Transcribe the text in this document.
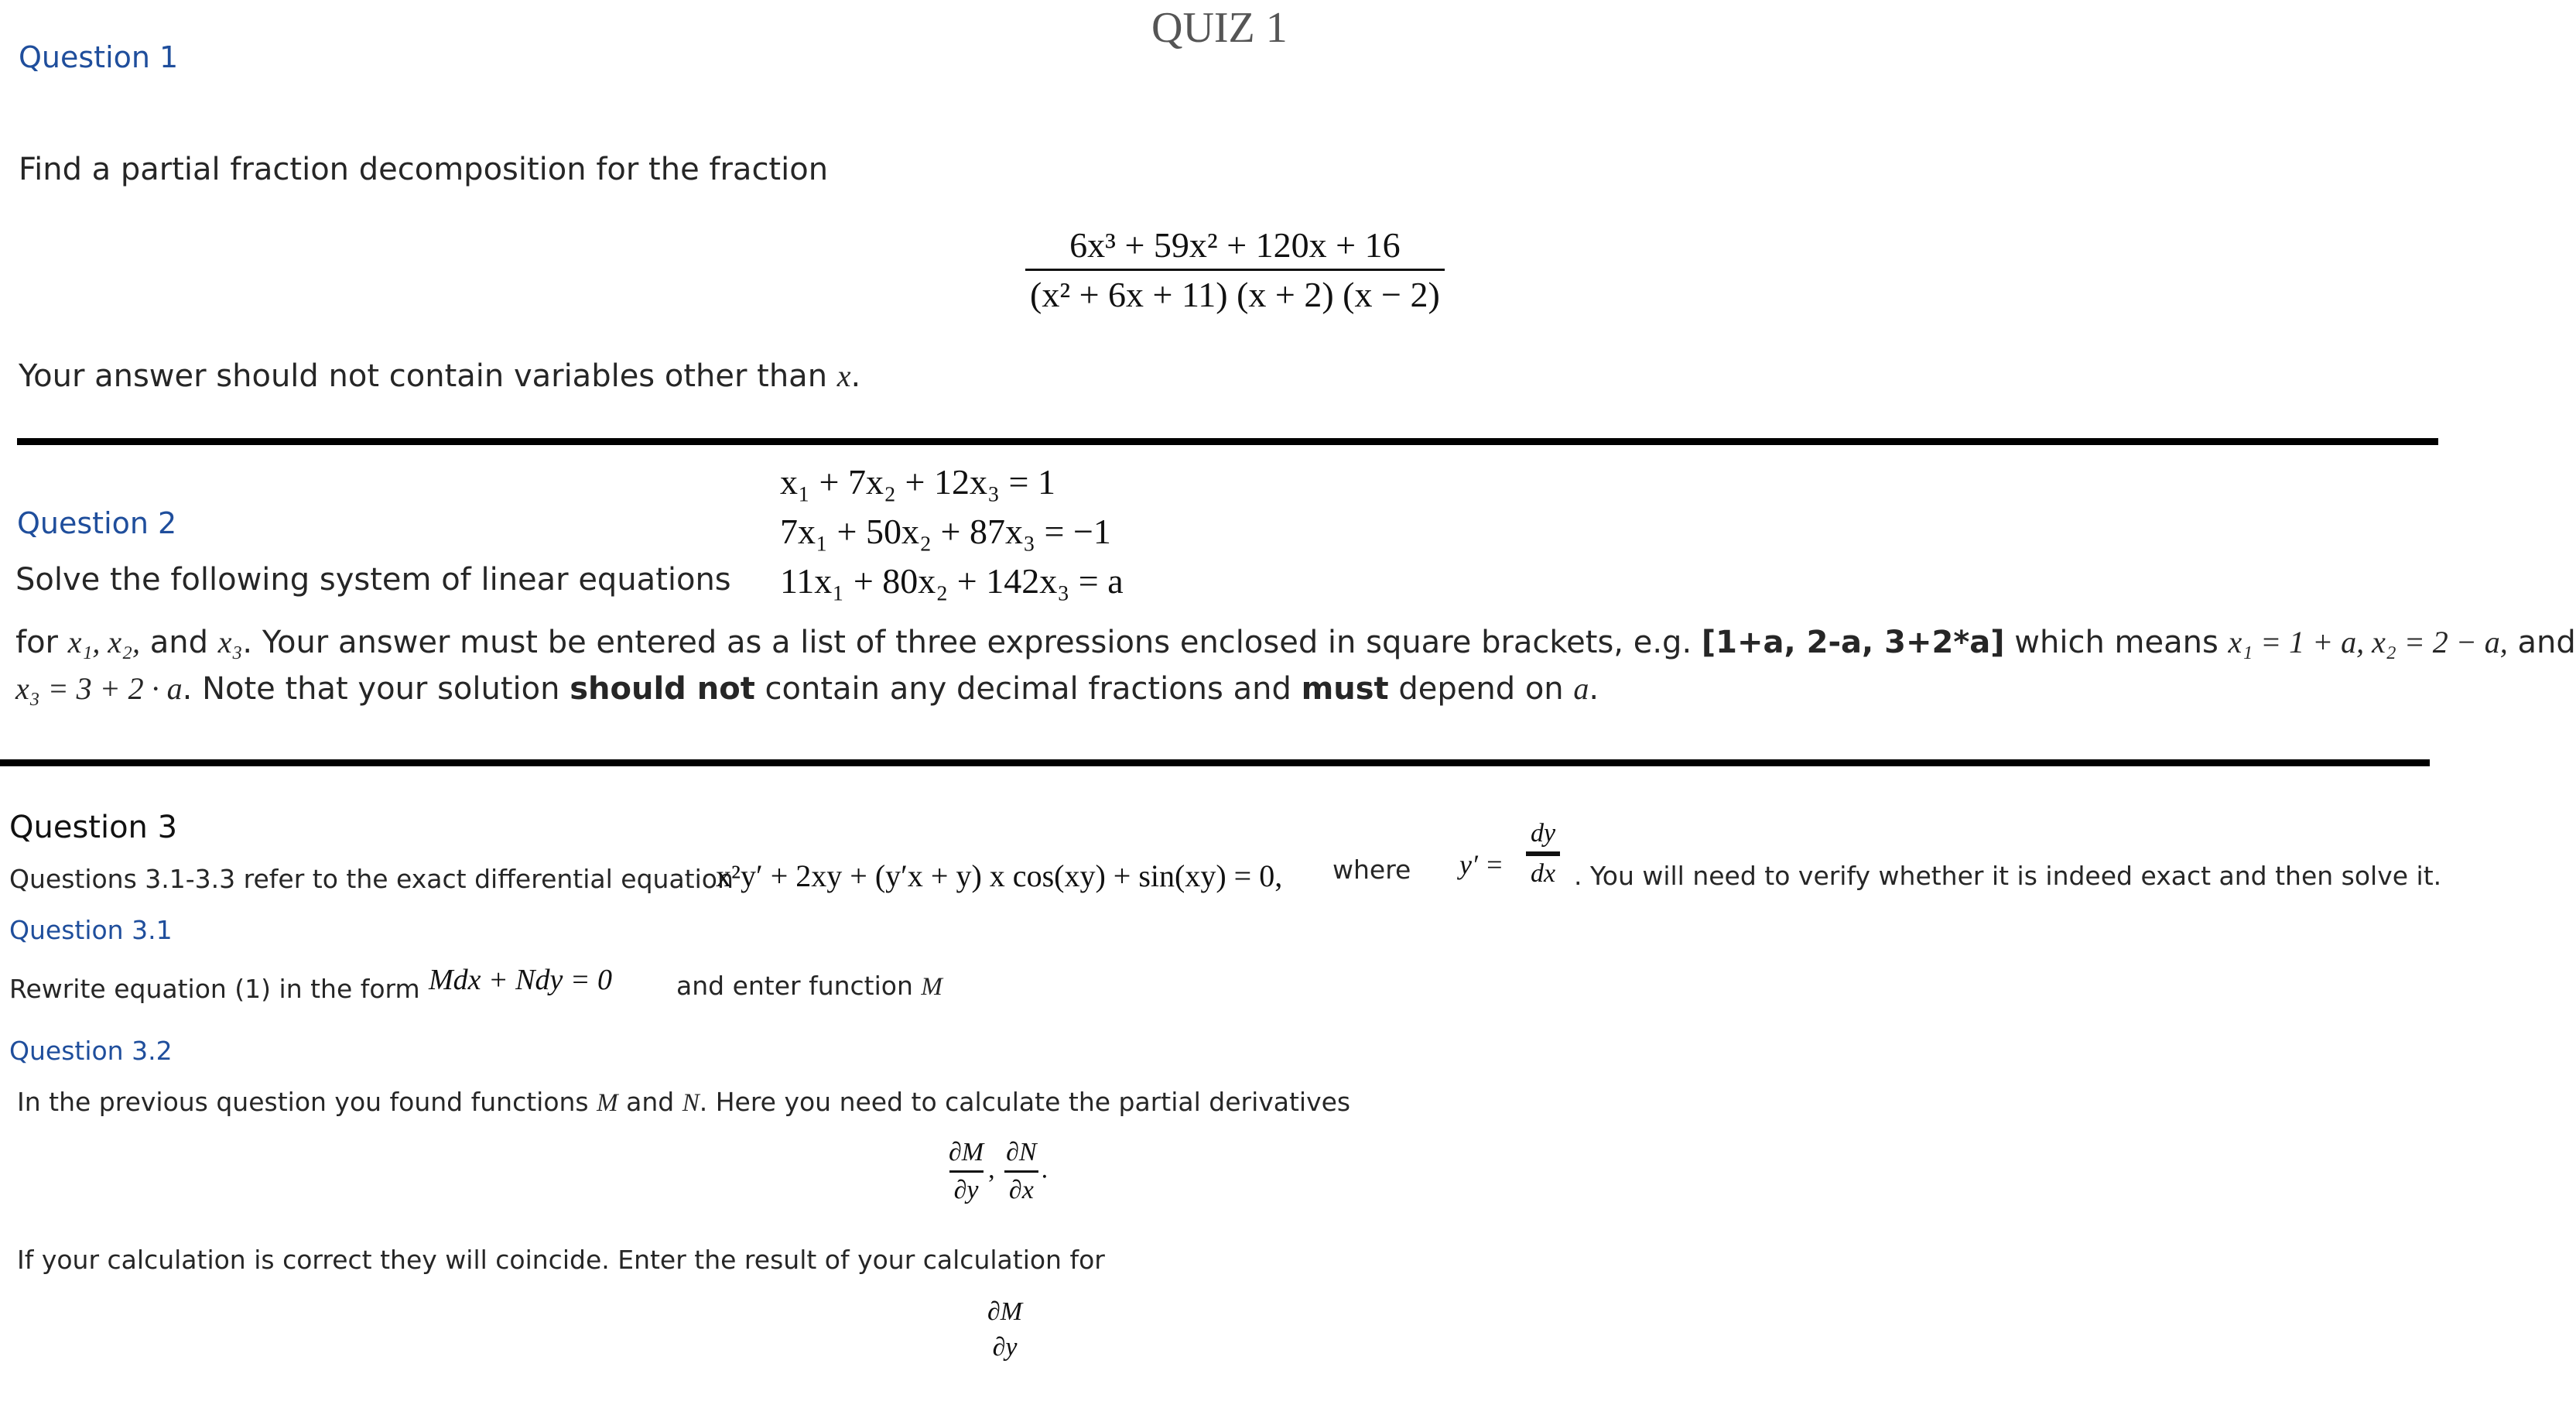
QUIZ 1
Question 1
Find a partial fraction decomposition for the fraction
$\frac{\text{6x³ + 59x² + 120x + 16}}{\text{(x² + 6x + 11) (x + 2) (x − 2)}}$
Your answer should not contain variables other than x.
x₁ + 7x₂ + 12x₃ = 1
7x₁ + 50x₂ + 87x₃ = −1
11x₁ + 80x₂ + 142x₃ = a
Question 2
Solve the following system of linear equations
for x₁, x₂, and x₃. Your answer must be entered as a list of three expressions enclosed in square brackets, e.g. [1+a, 2-a, 3+2*a] which means x₁ = 1 + a, x₂ = 2 − a, and
x₃ = 3 + 2 · a. Note that your solution should not contain any decimal fractions and must depend on a.
Question 3
Questions 3.1-3.3 refer to the exact differential equation
x²y′ + 2xy + (y′x + y) x cos(xy) + sin(xy) = 0, where $y' = \frac{dy}{dx}$ . You will need to verify whether it is indeed exact and then solve it.
Question 3.1
Rewrite equation (1) in the form Mdx + Ndy = 0	and enter function M
Question 3.2
In the previous question you found functions M and N. Here you need to calculate the partial derivatives
$\frac{\partial M}{\partial y}$ , $\frac{\partial N}{\partial x}$ .
If your calculation is correct they will coincide. Enter the result of your calculation for
∂M
∂y
